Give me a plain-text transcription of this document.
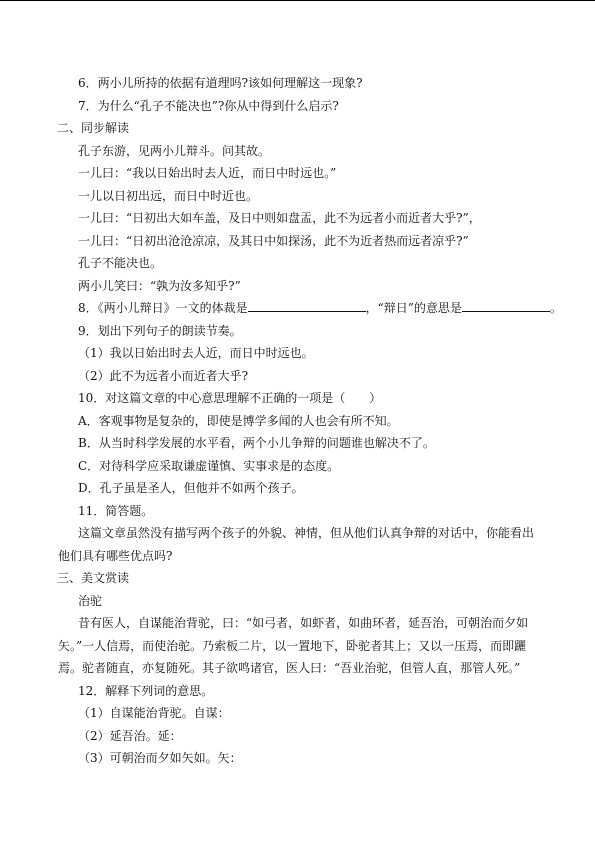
6．两小儿所持的依据有道理吗?该如何理解这一现象?
7．为什么“孔子不能决也”?你从中得到什么启示?
二、同步解读
孔子东游，见两小儿辩斗。问其故。
一儿曰：“我以日始出时去人近，而日中时远也。”
一儿以日初出远，而日中时近也。
一儿曰：“日初出大如车盖，及日中则如盘盂，此不为远者小而近者大乎?”，
一儿曰：“日初出沧沧凉凉，及其日中如探汤，此不为近者热而远者凉乎?”
孔子不能决也。
两小儿笑曰：“孰为汝多知乎?”
8．《两小儿辩日》一文的体裁是	，“辩日”的意思是	。
9．划出下列句子的朗读节奏。
（1）我以日始出时去人近，而日中时远也。
（2）此不为远者小而近者大乎?
10．对这篇文章的中心意思理解不正确的一项是（　　）
A．客观事物是复杂的，即使是博学多闻的人也会有所不知。
B．从当时科学发展的水平看，两个小儿争辩的问题谁也解决不了。
C．对待科学应采取谦虚谨慎、实事求是的态度。
D．孔子虽是圣人，但他并不如两个孩子。
11．简答题。
这篇文章虽然没有描写两个孩子的外貌、神情，但从他们认真争辩的对话中，你能看出他们具有哪些优点吗?
三、美文赏读
治驼
昔有医人，自谋能治背驼，曰：“如弓者，如虾者，如曲环者，延吾治，可朝治而夕如矢。”一人信焉，而使治驼。乃索板二片，以一置地下，卧驼者其上；又以一压焉，而即躧焉。驼者随直，亦复随死。其子欲鸣诸官，医人曰：“吾业治驼，但管人直，那管人死。”
12．解释下列词的意思。
（1）自谋能治背驼。自谋：
（2）延吾治。延：
（3）可朝治而夕如矢如。矢：
